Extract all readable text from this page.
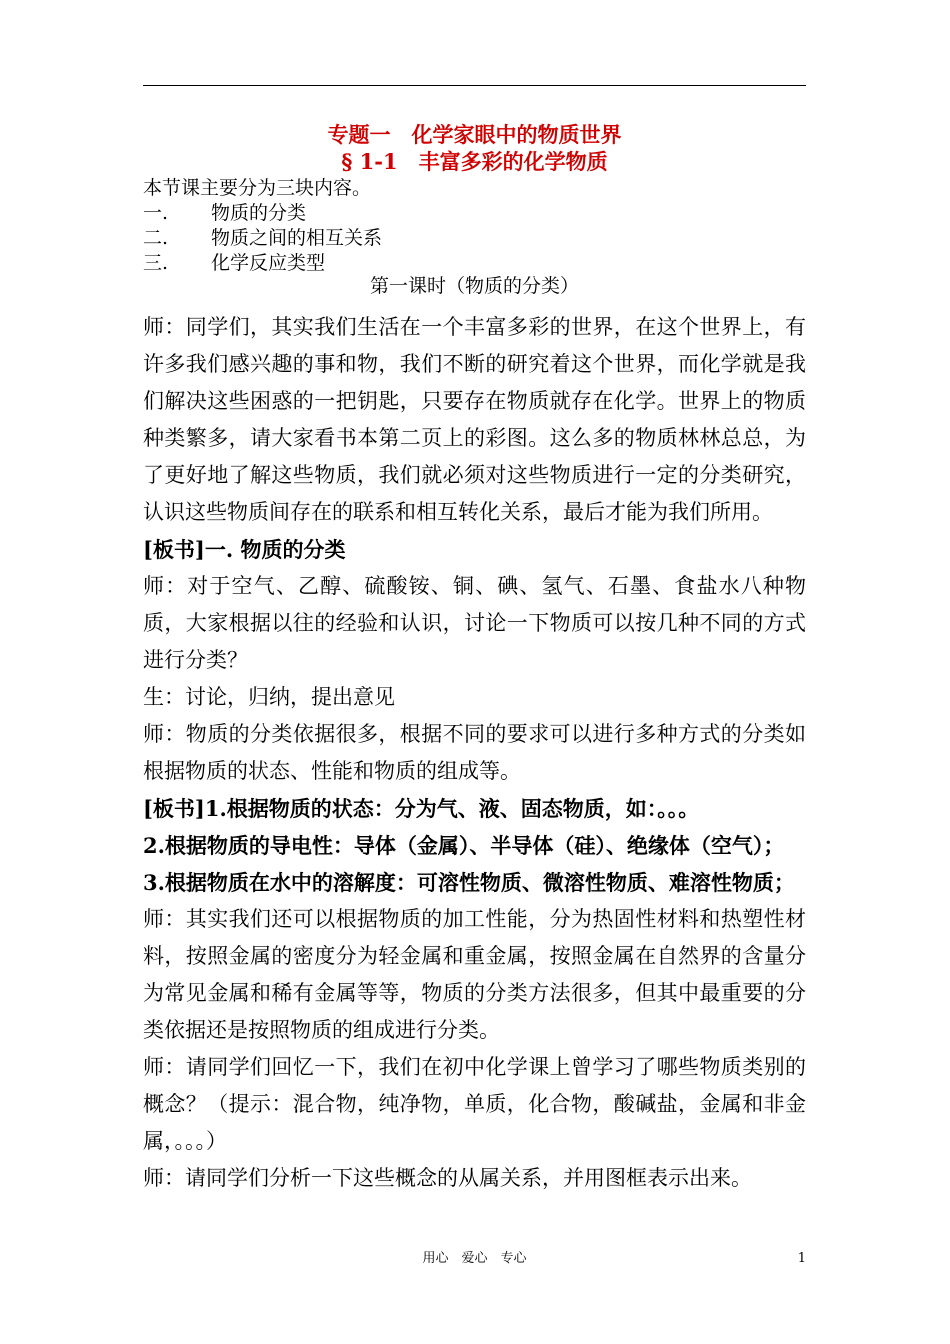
专题一　化学家眼中的物质世界
§ 1-1　丰富多彩的化学物质
本节课主要分为三块内容。
一. 物质的分类
二. 物质之间的相互关系
三. 化学反应类型
第一课时（物质的分类）

师：同学们，其实我们生活在一个丰富多彩的世界，在这个世界上，有许多我们感兴趣的事和物，我们不断的研究着这个世界，而化学就是我们解决这些困惑的一把钥匙，只要存在物质就存在化学。世界上的物质种类繁多，请大家看书本第二页上的彩图。这么多的物质林林总总，为了更好地了解这些物质，我们就必须对这些物质进行一定的分类研究，认识这些物质间存在的联系和相互转化关系，最后才能为我们所用。

[板书]一. 物质的分类

师：对于空气、乙醇、硫酸铵、铜、碘、氢气、石墨、食盐水八种物质，大家根据以往的经验和认识，讨论一下物质可以按几种不同的方式进行分类？

生：讨论，归纳，提出意见

师：物质的分类依据很多，根据不同的要求可以进行多种方式的分类如根据物质的状态、性能和物质的组成等。

[板书]1.根据物质的状态：分为气、液、固态物质，如：。。。

2.根据物质的导电性：导体（金属）、半导体（硅）、绝缘体（空气）；

3.根据物质在水中的溶解度：可溶性物质、微溶性物质、难溶性物质；

师：其实我们还可以根据物质的加工性能，分为热固性材料和热塑性材料，按照金属的密度分为轻金属和重金属，按照金属在自然界的含量分为常见金属和稀有金属等等，物质的分类方法很多，但其中最重要的分类依据还是按照物质的组成进行分类。

师：请同学们回忆一下，我们在初中化学课上曾学习了哪些物质类别的概念？（提示：混合物，纯净物，单质，化合物，酸碱盐，金属和非金属，。。。）

师：请同学们分析一下这些概念的从属关系，并用图框表示出来。

用心　爱心　专心	1
